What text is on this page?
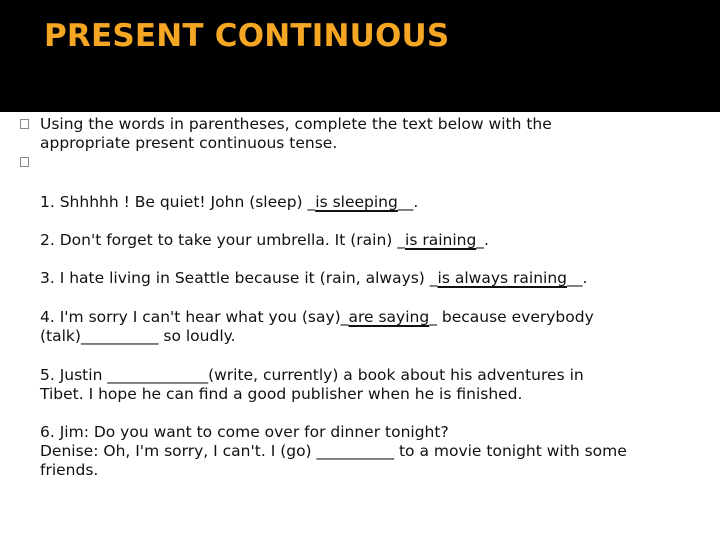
PRESENT CONTINUOUS
Using the words in parentheses, complete the text below with the
appropriate present continuous tense.
1. Shhhhh ! Be quiet! John (sleep) _is sleeping__.
2. Don't forget to take your umbrella. It (rain) _is raining_.
3. I hate living in Seattle because it (rain, always) _is always raining__.
4. I'm sorry I can't hear what you (say)_are saying_ because everybody
(talk)__________ so loudly.
5. Justin _____________(write, currently) a book about his adventures in
Tibet. I hope he can find a good publisher when he is finished.
6. Jim: Do you want to come over for dinner tonight?
Denise: Oh, I'm sorry, I can't. I (go) __________ to a movie tonight with some
friends.
